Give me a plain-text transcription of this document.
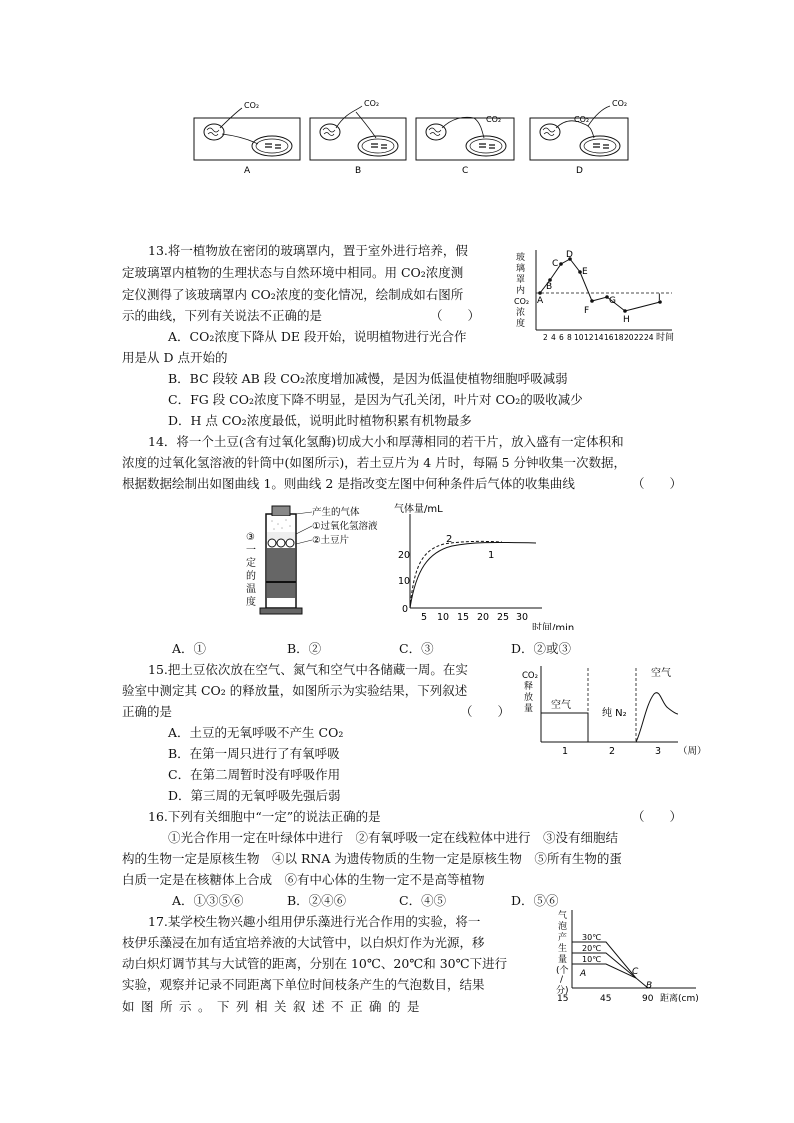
CO₂
A
CO₂
B
CO₂
C
CO₂
CO₂
D
13.将一植物放在密闭的玻璃罩内，置于室外进行培养，假
定玻璃罩内植物的生理状态与自然环境中相同。用 CO₂浓度测
定仪测得了该玻璃罩内 CO₂浓度的变化情况，绘制成如右图所
示的曲线，下列有关说法不正确的是	（　　）
A．CO₂浓度下降从 DE 段开始，说明植物进行光合作
用是从 D 点开始的
B．BC 段较 AB 段 CO₂浓度增加减慢，是因为低温使植物细胞呼吸减弱
C．FG 段 CO₂浓度下降不明显，是因为气孔关闭，叶片对 CO₂的吸收减少
D．H 点 CO₂浓度最低，说明此时植物积累有机物最多
玻
璃
罩
内
CO₂
浓
度
A
B
C
D
E
F
G
H
I
2 4 6 8 10 12 14 16 18 20 22 24 时间
14．将一个土豆(含有过氧化氢酶)切成大小和厚薄相同的若干片，放入盛有一定体积和
浓度的过氧化氢溶液的针筒中(如图所示)，若土豆片为 4 片时，每隔 5 分钟收集一次数据，
根据数据绘制出如图曲线 1。则曲线 2 是指改变左图中何种条件后气体的收集曲线	（　　）
③
一
定
的
温
度
产生的气体
①过氧化氢溶液
②土豆片
气体量/mL
0
10
20
5 10 15 20 25 30
时间/min
1
2
A．①	B．②	C．③	D．②或③
15.把土豆依次放在空气、氮气和空气中各储藏一周。在实
验室中测定其 CO₂ 的释放量，如图所示为实验结果，下列叙述
正确的是	（　　）
A．土豆的无氧呼吸不产生 CO₂
B．在第一周只进行了有氧呼吸
C．在第二周暂时没有呼吸作用
D．第三周的无氧呼吸先强后弱
CO₂
释
放
量 空气
纯 N₂
空气
1	2	3 （周）
16.下列有关细胞中“一定”的说法正确的是	（　　）
①光合作用一定在叶绿体中进行　②有氧呼吸一定在线粒体中进行　③没有细胞结
构的生物一定是原核生物　④以 RNA 为遗传物质的生物一定是原核生物　⑤所有生物的蛋
白质一定是在核糖体上合成　⑥有中心体的生物一定不是高等植物
A．①③⑤⑥	B．②④⑥	C．④⑤	D．⑤⑥
17.某学校生物兴趣小组用伊乐藻进行光合作用的实验，将一
枝伊乐藻浸在加有适宜培养液的大试管中，以白炽灯作为光源，移
动白炽灯调节其与大试管的距离，分别在 10℃、20℃和 30℃下进行
实验，观察并记录不同距离下单位时间枝条产生的气泡数目，结果
如图所示。下列相关叙述不正确的是
气
泡
产
生
量
(个
/
分)
30℃
20℃
10℃
A
B
C
15	45	90 距离(cm)
